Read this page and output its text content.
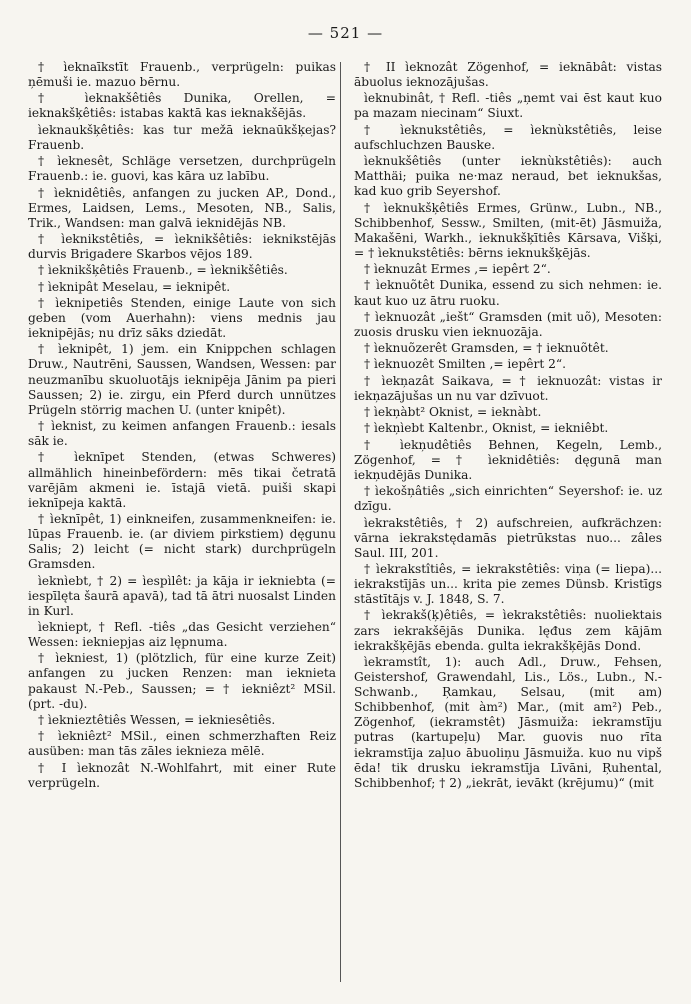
— 521 —

† ìeknaīkstīt Frauenb., verprügeln: puikas ņēmuši ie. mazuo bērnu.

† ìeknakšêtiês Dunika, Orellen, = ieknakšķêtiês: istabas kaktā kas ieknakšējās.

ìeknaukšķêtiês: kas tur mežā ieknaūkšķejas? Frauenb.

† ìeknesêt, Schläge versetzen, durchprügeln Frauenb.: ie. guovi, kas kāra uz labību.

† ìeknidêtiês, anfangen zu jucken AP., Dond., Ermes, Laidsen, Lems., Mesoten, NB., Salis, Trik., Wandsen: man galvā ieknidējās NB.

† ìeknikstêtiês, = ìeknikšêtiês: ieknikstējās durvis Brigadere Skarbos vējos 189.

† ìeknikšķêtiês Frauenb., = ìeknikšêtiês.

† ìeknipât Meselau, = ieknipêt.

† ìeknipetiês Stenden, einige Laute von sich geben (vom Auerhahn): viens mednis jau ieknipējās; nu drīz sāks dziedāt.

† ìeknipêt, 1) jem. ein Knippchen schlagen Druw., Nautrēni, Saussen, Wandsen, Wessen: par neuzmanību skuoluotājs ieknipēja Jānim pa pieri Saussen; 2) ie. zirgu, ein Pferd durch unnützes Prügeln störrig machen U. (unter knipêt).

† ìeknist, zu keimen anfangen Frauenb.: iesals sāk ie.

† ìeknīpet Stenden, (etwas Schweres) allmählich hineinbefördern: mēs tikai četratā varējām akmeni ie. īstajā vietā. puiši skapi ieknīpeja kaktā.

† ìeknīpêt, 1) einkneifen, zusammenkneifen: ie. lūpas Frauenb. ie. (ar diviem pirkstiem) dęgunu Salis; 2) leicht (= nicht stark) durchprügeln Gramsden.

ìeknìebt, † 2) = ìespìlêt: ja kāja ir iekniebta (= iespīlęta šaurā apavā), tad tā ātri nuosalst Linden in Kurl.

ìekniept, † Refl. -tiês „das Gesicht verziehen“ Wessen: iekniepjas aiz lępnuma.

† ìekniest, 1) (plötzlich, für eine kurze Zeit) anfangen zu jucken Renzen: man ieknieta pakaust N.-Peb., Saussen; = † iekniêzt² MSil. (prt. -du).

† ìeknieztêtiês Wessen, = iekniesêtiês.

† ìekniêzt² MSil., einen schmerzhaften Reiz ausüben: man tās zāles ieknieza mēlē.

† I ìeknozât N.-Wohlfahrt, mit einer Rute verprügeln.

† II ìeknozât Zögenhof, = ieknābât: vistas ābuolus ieknozājušas.

ìeknubinât, † Refl. -tiês „ņemt vai ēst kaut kuo pa mazam niecinam“ Siuxt.

† ìeknukstêtiês, = ìeknùkstêtiês, leise aufschluchzen Bauske.

ìeknukšêtiês (unter ieknùkstêtiês): auch Matthäi; puika ne·maz neraud, bet ieknukšas, kad kuo grib Seyershof.

† ìeknukšķêtiês Ermes, Grünw., Lubn., NB., Schibbenhof, Sessw., Smilten, (mit-ēt) Jāsmuiža, Makašēni, Warkh., ieknukšķītiês Kārsava, Višķi, = † ìeknukstêtiês: bērns ieknukšķējās.

† ìeknuzât Ermes ,= iepêrt 2“.

† ìeknuõtêt Dunika, essend zu sich nehmen: ie. kaut kuo uz ātru ruoku.

† ìeknuozât „iešt“ Gramsden (mit uõ), Mesoten: zuosis drusku vien ieknuozāja.

† ìeknuõzerêt Gramsden, = † ieknuõtêt.

† ìeknuozêt Smilten ,= iepêrt 2“.

† ìekņazât Saikava, = † ieknuozât: vistas ir iekņazājušas un nu var dzīvuot.

† ìekņàbt² Oknist, = ieknàbt.

† ìekņìebt Kaltenbr., Oknist, = iekniêbt.

† ìekņudêtiês Behnen, Kegeln, Lemb., Zögenhof, = † ìeknidêtiês: dęgunā man iekņudējās Dunika.

† ìekošņâtiês „sich einrichten“ Seyershof: ie. uz dzīgu.

ìekrakstêtiês, † 2) aufschreien, aufkrächzen: vārna iekrakstędamās pietrūkstas nuo... zâles Saul. III, 201.

† ìekrakstîtiês, = iekrakstêtiês: viņa (= liepa)... iekrakstījās un... krita pie zemes Dünsb. Kristīgs stāstītājs v. J. 1848, S. 7.

† ìekrakš(ķ)êtiês, = ìekrakstêtiês: nuoliektais zars iekrakšējās Dunika. lęđus zem kājām iekrakšķējās ebenda. gulta iekrakšķējās Dond.

ìekramstît, 1): auch Adl., Druw., Fehsen, Geistershof, Grawendahl, Lis., Lös., Lubn., N.-Schwanb., Ŗamkau, Selsau, (mit am) Schibbenhof, (mit àm²) Mar., (mit am²) Peb., Zögenhof, (iekramstêt) Jāsmuiža: iekramstīju putras (kartupeļu) Mar. guovis nuo rīta iekramstīja zaļuo ābuoliņu Jāsmuiža. kuo nu vipš ēda! tik drusku iekramstīja Līvāni, Ŗuhental, Schibbenhof; † 2) „iekrāt, ievākt (krējumu)“ (mit
